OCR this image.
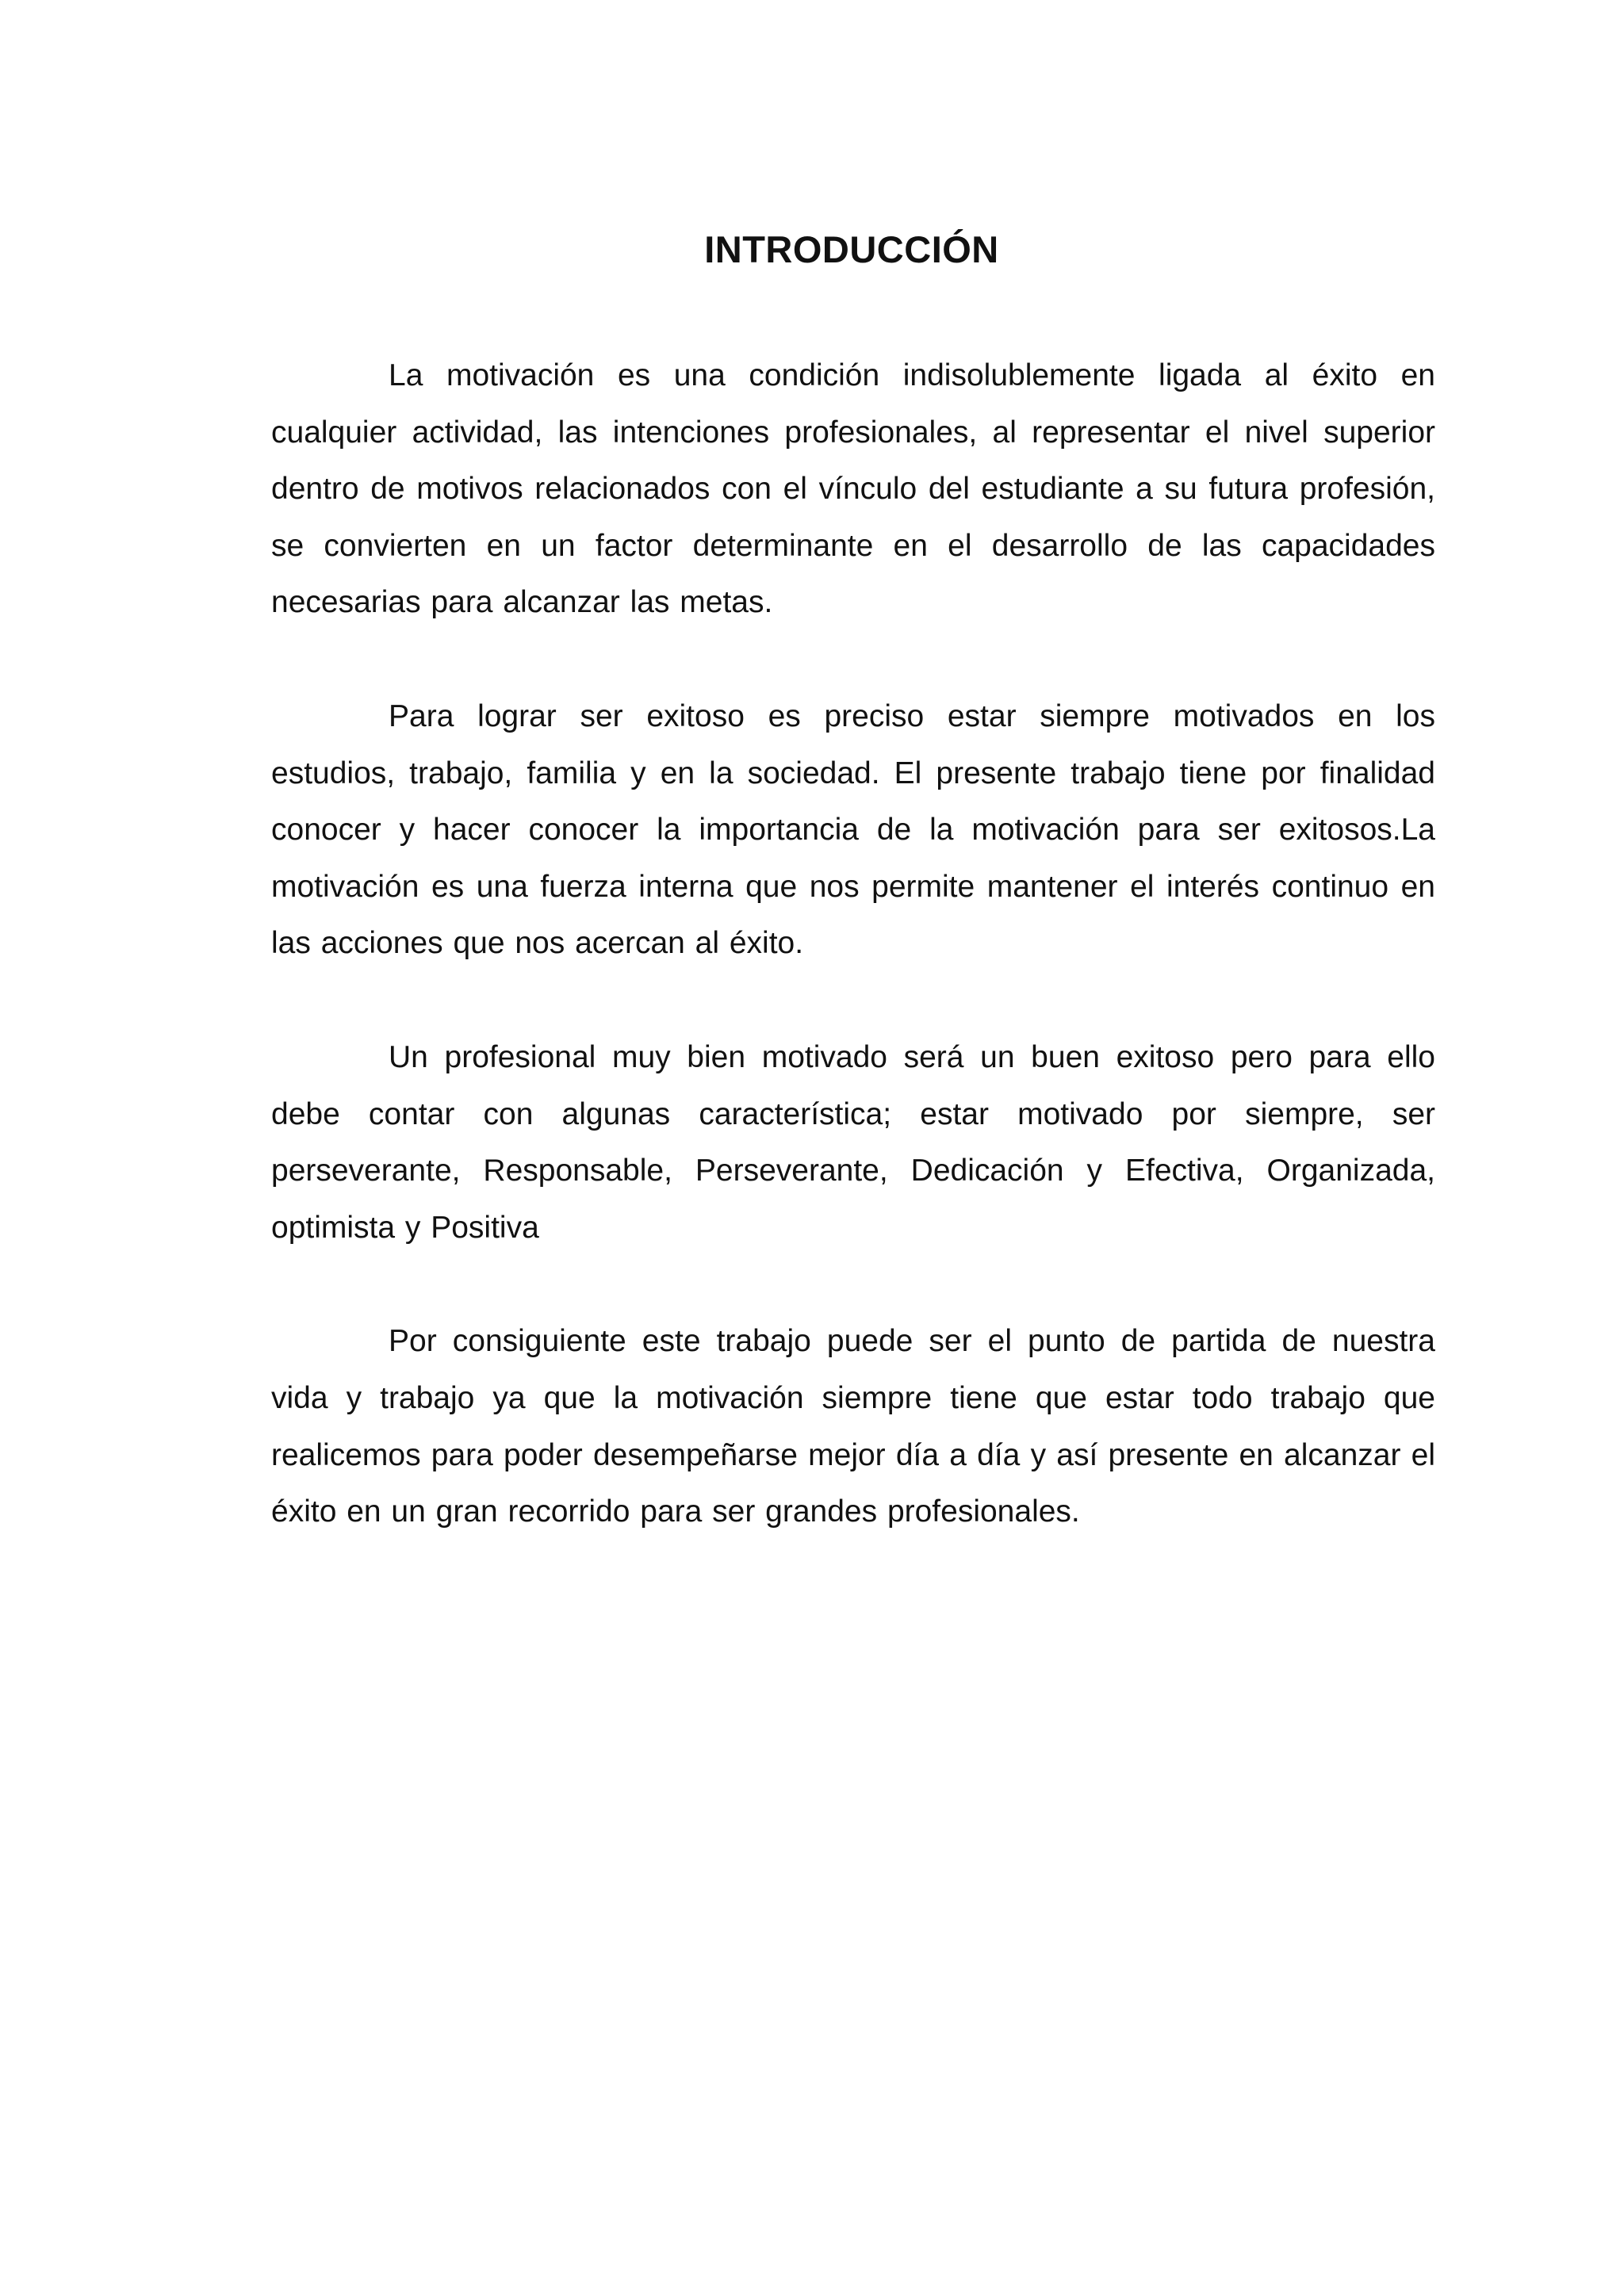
INTRODUCCIÓN

La motivación es una condición indisolublemente ligada al éxito en cualquier actividad, las intenciones profesionales, al representar el nivel superior dentro de motivos relacionados con el vínculo del estudiante a su futura profesión, se convierten en un factor determinante en el desarrollo de las capacidades necesarias para alcanzar las metas.

Para lograr ser exitoso es preciso estar siempre motivados en los estudios, trabajo, familia y en la sociedad. El presente trabajo tiene por finalidad conocer y hacer conocer la importancia de la motivación para ser exitosos.La motivación es una fuerza interna que nos permite mantener el interés continuo en las acciones que nos acercan al éxito.

Un profesional muy bien motivado será un buen exitoso pero para ello debe contar con algunas característica; estar motivado por siempre, ser perseverante, Responsable, Perseverante, Dedicación y Efectiva, Organizada, optimista y Positiva

Por consiguiente este trabajo puede ser el punto de partida de nuestra vida y trabajo ya que la motivación siempre tiene que estar todo trabajo que realicemos para poder desempeñarse mejor día a día y así presente en alcanzar el éxito en un gran recorrido para ser grandes profesionales.
